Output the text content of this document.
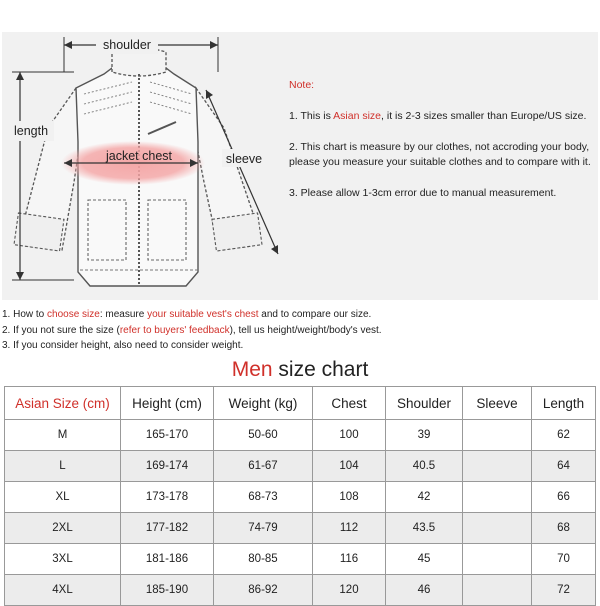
shoulder
length
jacket chest	sleeve
Note:
1. This is Asian size, it is 2-3 sizes smaller than Europe/US size.
2. This chart is measure by our clothes, not accroding your body, please you measure your suitable clothes and to compare with it.
3. Please allow 1-3cm error due to manual measurement.
1. How to choose size: measure your suitable vest's chest and to compare our size.
2. If you not sure the size (refer to buyers' feedback), tell us height/weight/body's vest.
3. If you consider height, also need to consider weight.
Men size chart
Asian Size (cm)	Height (cm)	Weight (kg)	Chest	Shoulder	Sleeve	Length
M	165-170	50-60	100	39		62
L	169-174	61-67	104	40.5		64
XL	173-178	68-73	108	42		66
2XL	177-182	74-79	112	43.5		68
3XL	181-186	80-85	116	45		70
4XL	185-190	86-92	120	46		72
